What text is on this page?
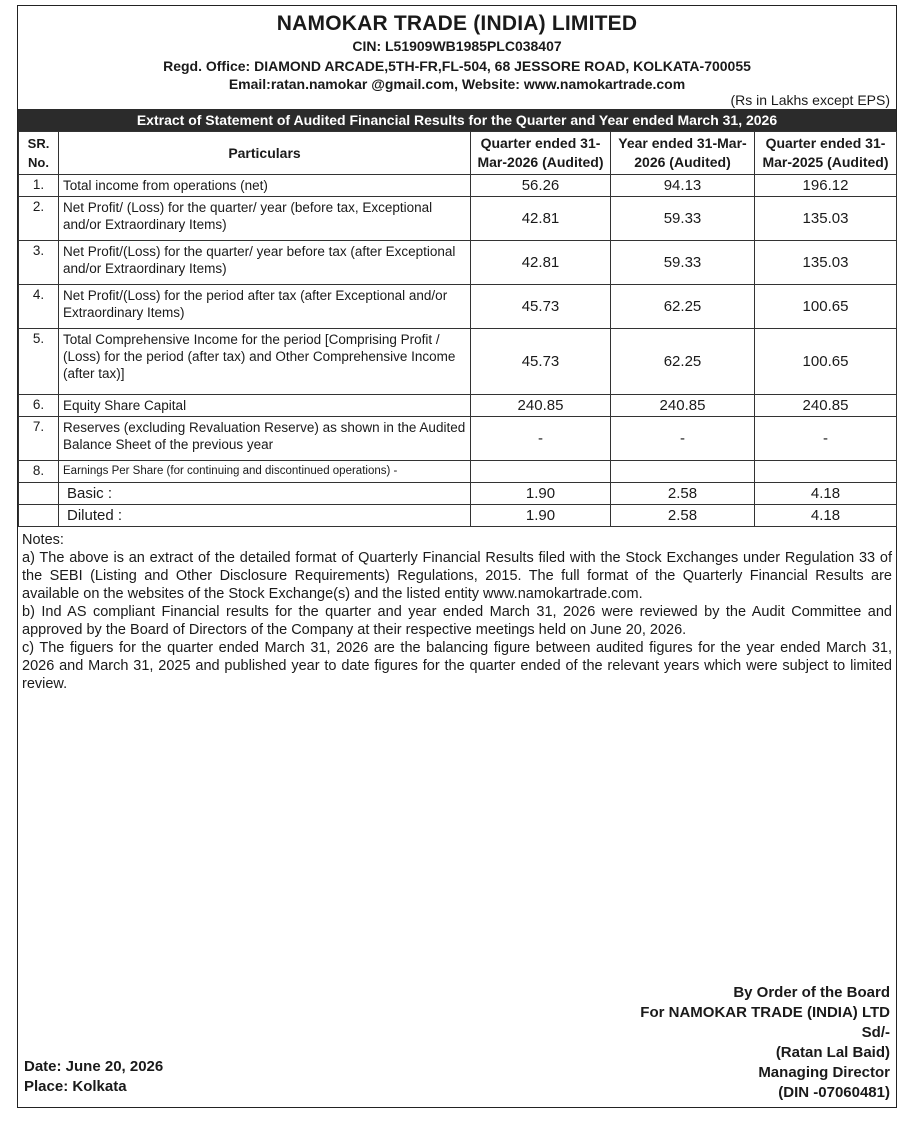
NAMOKAR TRADE (INDIA) LIMITED
CIN: L51909WB1985PLC038407
Regd. Office: DIAMOND ARCADE,5TH-FR,FL-504, 68 JESSORE ROAD, KOLKATA-700055
Email:ratan.namokar @gmail.com, Website: www.namokartrade.com
(Rs in Lakhs except EPS)
Extract of Statement of Audited Financial Results for the Quarter and Year ended March 31, 2026
SR. No.	Particulars	Quarter ended 31-Mar-2026 (Audited)	Year ended 31-Mar-2026 (Audited)	Quarter ended 31-Mar-2025 (Audited)
1.	Total income from operations (net)	56.26	94.13	196.12
2.	Net Profit/ (Loss) for the quarter/ year (before tax, Exceptional and/or Extraordinary Items)	42.81	59.33	135.03
3.	Net Profit/(Loss) for the quarter/ year before tax (after Exceptional and/or Extraordinary Items)	42.81	59.33	135.03
4.	Net Profit/(Loss) for the period after tax (after Exceptional and/or Extraordinary Items)	45.73	62.25	100.65
5.	Total Comprehensive Income for the period [Comprising Profit / (Loss) for the period (after tax) and Other Comprehensive Income (after tax)]	45.73	62.25	100.65
6.	Equity Share Capital	240.85	240.85	240.85
7.	Reserves (excluding Revaluation Reserve) as shown in the Audited Balance Sheet of the previous year	-	-	-
8.	Earnings Per Share (for continuing and discontinued operations) -			
	Basic :	1.90	2.58	4.18
	Diluted :	1.90	2.58	4.18
Notes:
a) The above is an extract of the detailed format of Quarterly Financial Results filed with the Stock Exchanges under Regulation 33 of the SEBI (Listing and Other Disclosure Requirements) Regulations, 2015. The full format of the Quarterly Financial Results are available on the websites of the Stock Exchange(s) and the listed entity www.namokartrade.com.
b) Ind AS compliant Financial results for the quarter and year ended March 31, 2026 were reviewed by the Audit Committee and approved by the Board of Directors of the Company at their respective meetings held on June 20, 2026.
c) The figuers for the quarter ended March 31, 2026 are the balancing figure between audited figures for the year ended March 31, 2026 and March 31, 2025 and published year to date figures for the quarter ended of the relevant years which were subject to limited review.
Date: June 20, 2026
Place: Kolkata
By Order of the Board
For NAMOKAR TRADE (INDIA) LTD
Sd/-
(Ratan Lal Baid)
Managing Director
(DIN -07060481)
